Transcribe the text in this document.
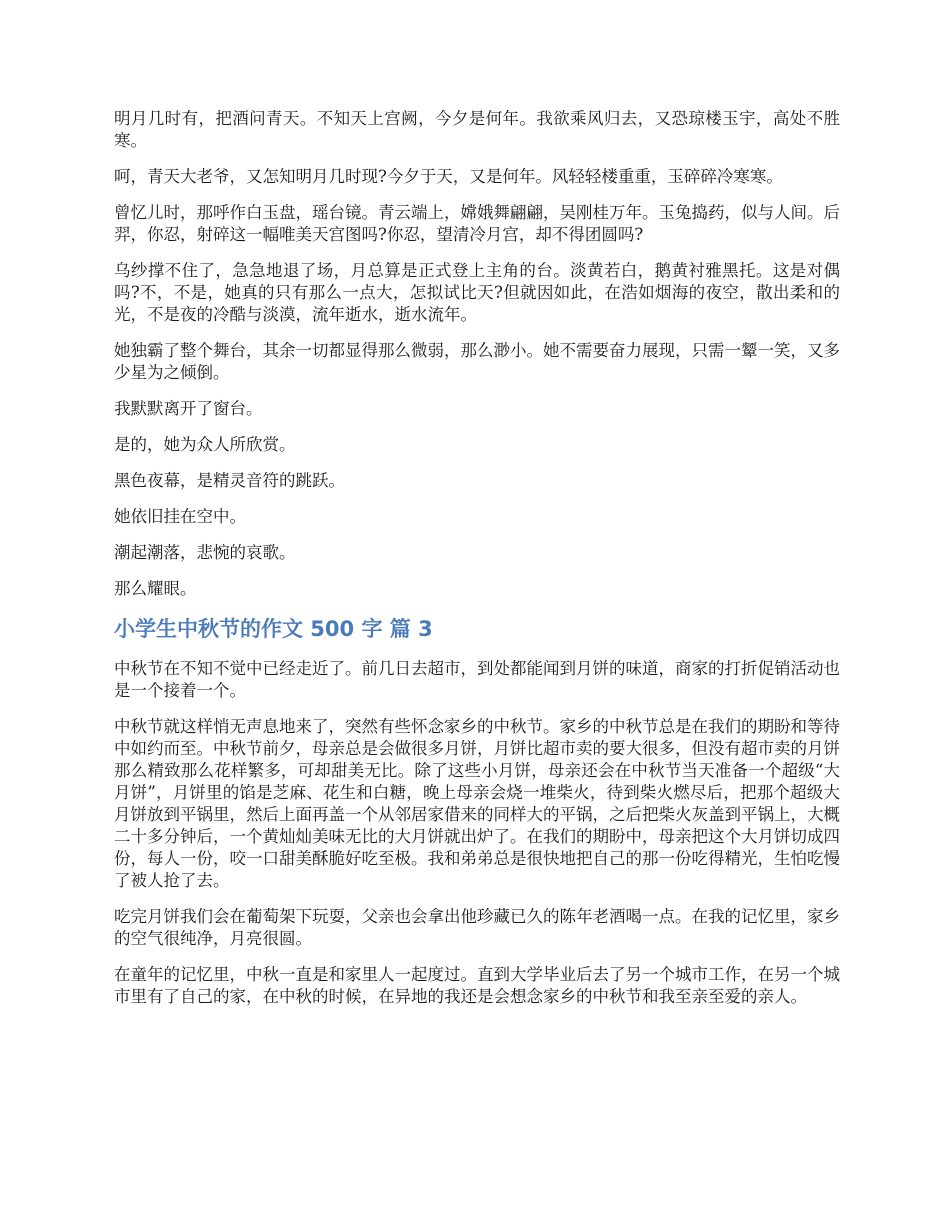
明月几时有，把酒问青天。不知天上宫阙，今夕是何年。我欲乘风归去，又恐琼楼玉宇，高处不胜寒。

呵，青天大老爷，又怎知明月几时现?今夕于天，又是何年。风轻轻楼重重，玉碎碎冷寒寒。

曾忆儿时，那呼作白玉盘，瑶台镜。青云端上，嫦娥舞翩翩，吴刚桂万年。玉兔捣药，似与人间。后羿，你忍，射碎这一幅唯美天宫图吗?你忍，望清冷月宫，却不得团圆吗?

乌纱撑不住了，急急地退了场，月总算是正式登上主角的台。淡黄若白，鹅黄衬雅黑托。这是对偶吗?不，不是，她真的只有那么一点大，怎拟试比天?但就因如此，在浩如烟海的夜空，散出柔和的光，不是夜的冷酷与淡漠，流年逝水，逝水流年。

她独霸了整个舞台，其余一切都显得那么微弱，那么渺小。她不需要奋力展现，只需一颦一笑，又多少星为之倾倒。

我默默离开了窗台。

是的，她为众人所欣赏。

黑色夜幕，是精灵音符的跳跃。

她依旧挂在空中。

潮起潮落，悲惋的哀歌。

那么耀眼。

小学生中秋节的作文 500 字 篇 3

中秋节在不知不觉中已经走近了。前几日去超市，到处都能闻到月饼的味道，商家的打折促销活动也是一个接着一个。

中秋节就这样悄无声息地来了，突然有些怀念家乡的中秋节。家乡的中秋节总是在我们的期盼和等待中如约而至。中秋节前夕，母亲总是会做很多月饼，月饼比超市卖的要大很多，但没有超市卖的月饼 那么精致那么花样繁多，可却甜美无比。除了这些小月饼，母亲还会在中秋节当天准备一个超级“大月饼”，月饼里的馅是芝麻、花生和白糖，晚上母亲会烧一堆柴火，待到柴火燃尽后，把那个超级大 月饼放到平锅里，然后上面再盖一个从邻居家借来的同样大的平锅，之后把柴火灰盖到平锅上，大概二十多分钟后，一个黄灿灿美味无比的大月饼就出炉了。在我们的期盼中，母亲把这个大月饼切成四 份，每人一份，咬一口甜美酥脆好吃至极。我和弟弟总是很快地把自己的那一份吃得精光，生怕吃慢了被人抢了去。

吃完月饼我们会在葡萄架下玩耍，父亲也会拿出他珍藏已久的陈年老酒喝一点。在我的记忆里，家乡的空气很纯净，月亮很圆。

在童年的记忆里，中秋一直是和家里人一起度过。直到大学毕业后去了另一个城市工作，在另一个城市里有了自己的家，在中秋的时候，在异地的我还是会想念家乡的中秋节和我至亲至爱的亲人。
